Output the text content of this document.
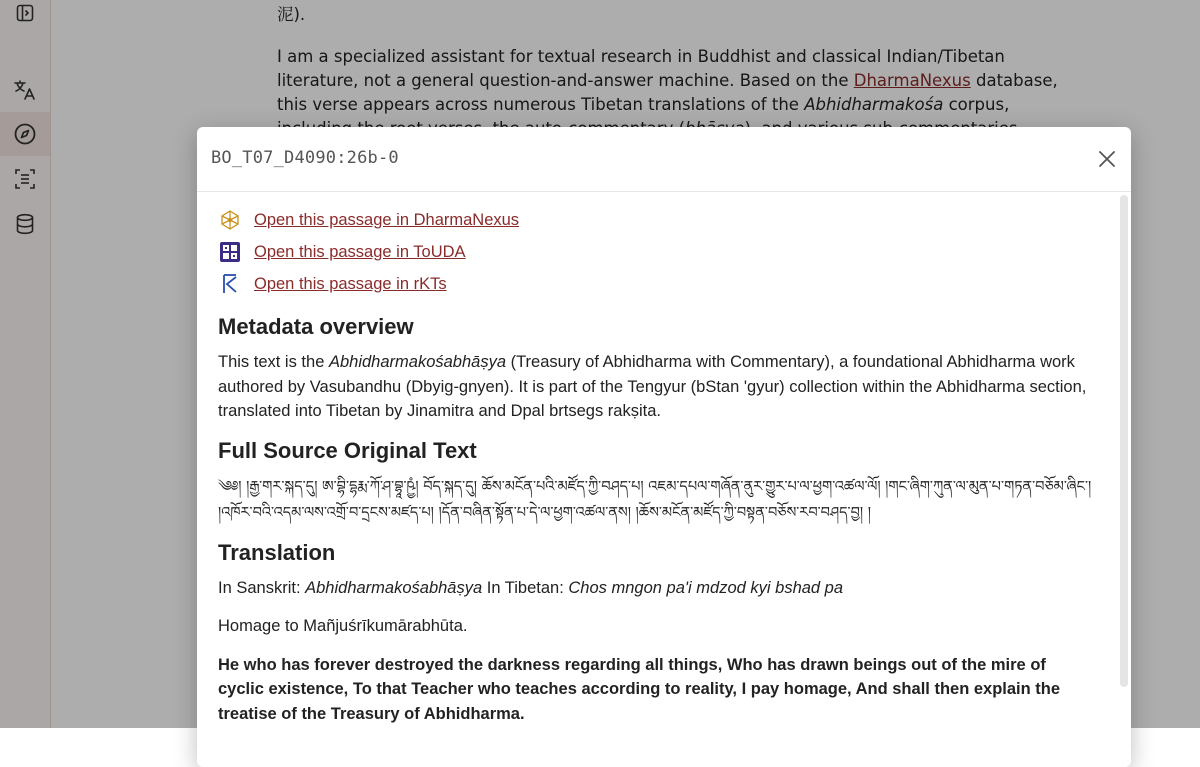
泥).

I am a specialized assistant for textual research in Buddhist and classical Indian/Tibetan literature, not a general question-and-answer machine. Based on the DharmaNexus database, this verse appears across numerous Tibetan translations of the Abhidharmakośa corpus,

BO_T07_D4090:26b-0
Open this passage in DharmaNexus
Open this passage in ToUDA
Open this passage in rKTs
Metadata overview

This text is the Abhidharmakośabhāṣya (Treasury of Abhidharma with Commentary), a foundational Abhidharma work authored by Vasubandhu (Dbyig-gnyen). It is part of the Tengyur (bStan 'gyur) collection within the Abhidharma section, translated into Tibetan by Jinamitra and Dpal brtsegs rakṣita.

Full Source Original Text

༄༅། །རྒྱ་གར་སྐད་དུ། ཨ་བྷི་དྷརྨ་ཀོ་ཤ་བྷཱ་ཥྱཾ། བོད་སྐད་དུ། ཆོས་མངོན་པའི་མཛོད་ཀྱི་བཤད་པ། འཇམ་དཔལ་གཞོན་ནུར་གྱུར་པ་ལ་ཕྱག་འཚལ་ལོ། །གང་ཞིག་ཀུན་ལ་མུན་པ་གཏན་བཅོམ་ཞིང་། །འཁོར་བའི་འདམ་ལས་འགྲོ་བ་དྲངས་མཛད་པ། །དོན་བཞིན་སྟོན་པ་དེ་ལ་ཕྱག་འཚལ་ནས། །ཆོས་མངོན་མཛོད་ཀྱི་བསྟན་བཅོས་རབ་བཤད་བྱ། །

Translation

In Sanskrit: Abhidharmakośabhāṣya In Tibetan: Chos mngon pa'i mdzod kyi bshad pa

Homage to Mañjuśrīkumārabhūta.

He who has forever destroyed the darkness regarding all things, Who has drawn beings out of the mire of cyclic existence, To that Teacher who teaches according to reality, I pay homage, And shall then explain the treatise of the Treasury of Abhidharma.
